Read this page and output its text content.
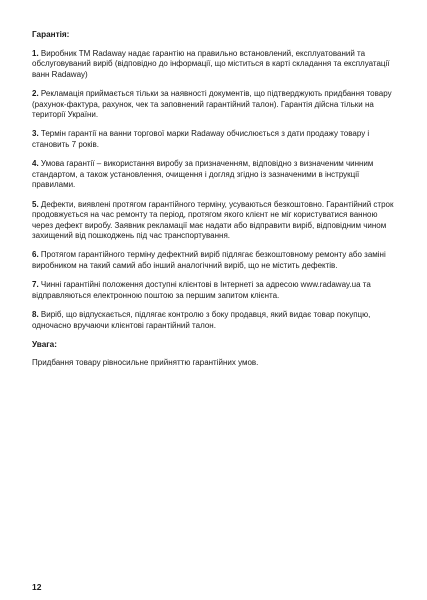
Гарантія:

1. Виробник ТМ Radaway надає гарантію на правильно встановлений, експлуатований та обслуговуваний виріб (відповідно до інформації, що міститься в карті складання та експлуатації ванн Radaway)

2. Рекламація приймається тільки за наявності документів, що підтверджують придбання товару (рахунок-фактура, рахунок, чек та заповнений гарантійний талон). Гарантія дійсна тільки на території України.

3. Термін гарантії на ванни торгової марки Radaway обчислюється з дати продажу товару і становить 7 років.

4. Умова гарантії – використання виробу за призначенням, відповідно з визначеним чинним стандартом, а також установлення, очищення і догляд згідно із зазначеними в інструкції правилами.

5. Дефекти, виявлені протягом гарантійного терміну, усуваються безкоштовно. Гарантійний строк продовжується на час ремонту та період, протягом якого клієнт не міг користуватися ванною через дефект виробу. Заявник рекламації має надати або відправити виріб, відповідним чином захищений від пошкоджень під час транспортування.

6. Протягом гарантійного терміну дефектний виріб підлягає безкоштовному ремонту або заміні виробником на такий самий або інший аналогічний виріб, що не містить дефектів.

7. Чинні гарантійні положення доступні клієнтові в Інтернеті за адресою www.radaway.ua та відправляються електронною поштою за першим запитом клієнта.

8. Виріб, що відпускається, підлягає контролю з боку продавця, який видає товар покупцю, одночасно вручаючи клієнтові гарантійний талон.

Увага:

Придбання товару рівносильне прийняттю гарантійних умов.

12
